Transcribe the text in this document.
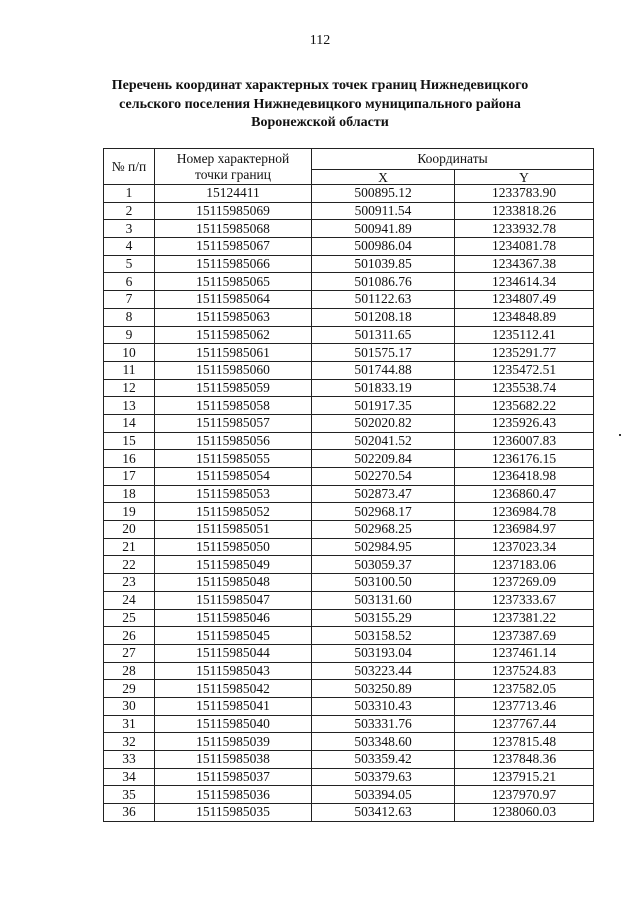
112
Перечень координат характерных точек границ Нижнедевицкого
сельского поселения Нижнедевицкого муниципального района
Воронежской области
№ п/п	Номер характерной
точки границ	Координаты	
		X	Y
1	15124411	500895.12	1233783.90
2	15115985069	500911.54	1233818.26
3	15115985068	500941.89	1233932.78
4	15115985067	500986.04	1234081.78
5	15115985066	501039.85	1234367.38
6	15115985065	501086.76	1234614.34
7	15115985064	501122.63	1234807.49
8	15115985063	501208.18	1234848.89
9	15115985062	501311.65	1235112.41
10	15115985061	501575.17	1235291.77
11	15115985060	501744.88	1235472.51
12	15115985059	501833.19	1235538.74
13	15115985058	501917.35	1235682.22
14	15115985057	502020.82	1235926.43
15	15115985056	502041.52	1236007.83
16	15115985055	502209.84	1236176.15
17	15115985054	502270.54	1236418.98
18	15115985053	502873.47	1236860.47
19	15115985052	502968.17	1236984.78
20	15115985051	502968.25	1236984.97
21	15115985050	502984.95	1237023.34
22	15115985049	503059.37	1237183.06
23	15115985048	503100.50	1237269.09
24	15115985047	503131.60	1237333.67
25	15115985046	503155.29	1237381.22
26	15115985045	503158.52	1237387.69
27	15115985044	503193.04	1237461.14
28	15115985043	503223.44	1237524.83
29	15115985042	503250.89	1237582.05
30	15115985041	503310.43	1237713.46
31	15115985040	503331.76	1237767.44
32	15115985039	503348.60	1237815.48
33	15115985038	503359.42	1237848.36
34	15115985037	503379.63	1237915.21
35	15115985036	503394.05	1237970.97
36	15115985035	503412.63	1238060.03
